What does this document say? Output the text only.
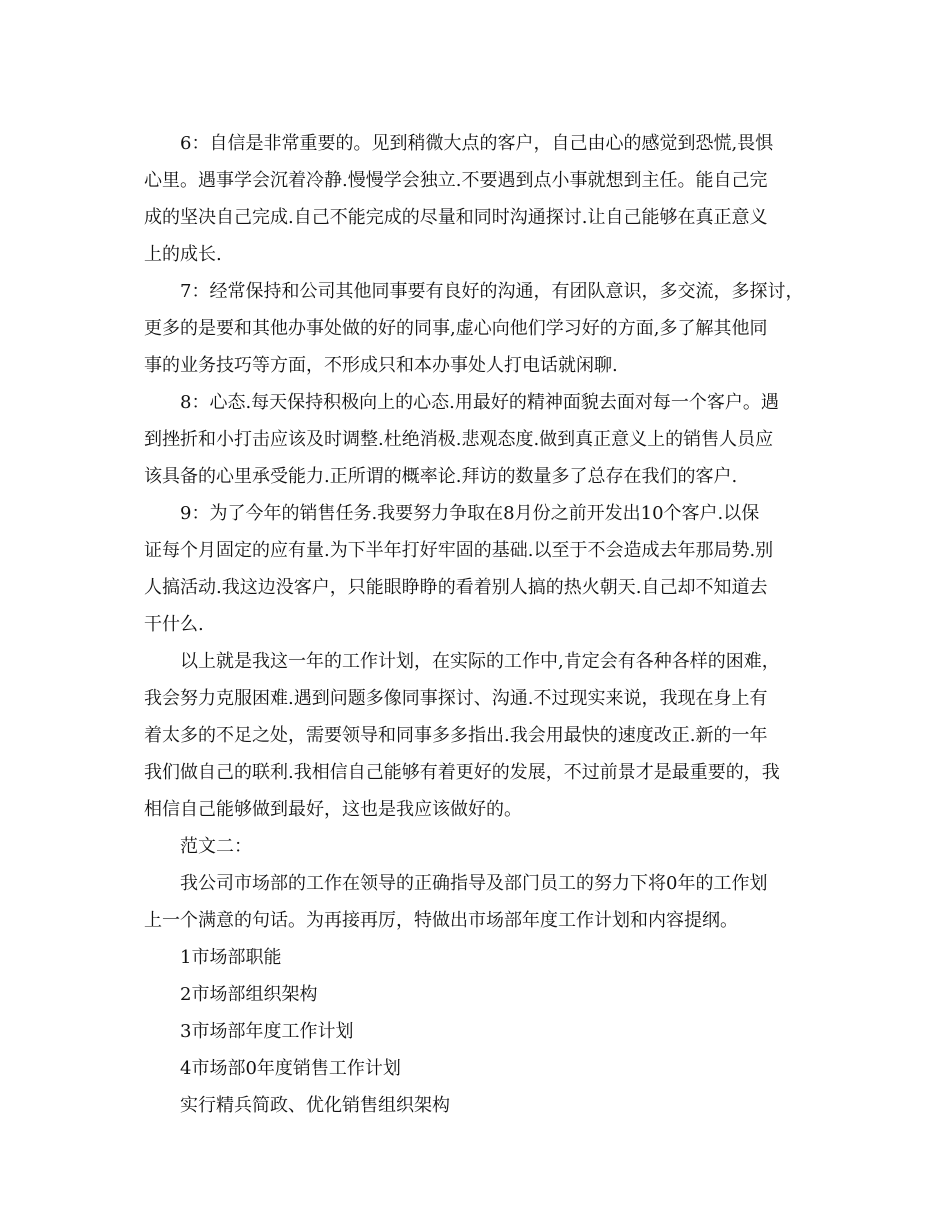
6：自信是非常重要的。见到稍微大点的客户，自己由心的感觉到恐慌,畏惧
心里。遇事学会沉着冷静.慢慢学会独立.不要遇到点小事就想到主任。能自己完
成的坚决自己完成.自己不能完成的尽量和同时沟通探讨.让自己能够在真正意义
上的成长.
7：经常保持和公司其他同事要有良好的沟通，有团队意识，多交流，多探讨，
更多的是要和其他办事处做的好的同事,虚心向他们学习好的方面,多了解其他同
事的业务技巧等方面，不形成只和本办事处人打电话就闲聊.
8：心态.每天保持积极向上的心态.用最好的精神面貌去面对每一个客户。遇
到挫折和小打击应该及时调整.杜绝消极.悲观态度.做到真正意义上的销售人员应
该具备的心里承受能力.正所谓的概率论.拜访的数量多了总存在我们的客户.
9：为了今年的销售任务.我要努力争取在8月份之前开发出10个客户.以保
证每个月固定的应有量.为下半年打好牢固的基础.以至于不会造成去年那局势.别
人搞活动.我这边没客户，只能眼睁睁的看着别人搞的热火朝天.自己却不知道去
干什么.
以上就是我这一年的工作计划，在实际的工作中,肯定会有各种各样的困难，
我会努力克服困难.遇到问题多像同事探讨、沟通.不过现实来说，我现在身上有
着太多的不足之处，需要领导和同事多多指出.我会用最快的速度改正.新的一年
我们做自己的联利.我相信自己能够有着更好的发展，不过前景才是最重要的，我
相信自己能够做到最好，这也是我应该做好的。
范文二：
我公司市场部的工作在领导的正确指导及部门员工的努力下将0年的工作划
上一个满意的句话。为再接再厉，特做出市场部年度工作计划和内容提纲。
1市场部职能
2市场部组织架构
3市场部年度工作计划
4市场部0年度销售工作计划
实行精兵简政、优化销售组织架构
